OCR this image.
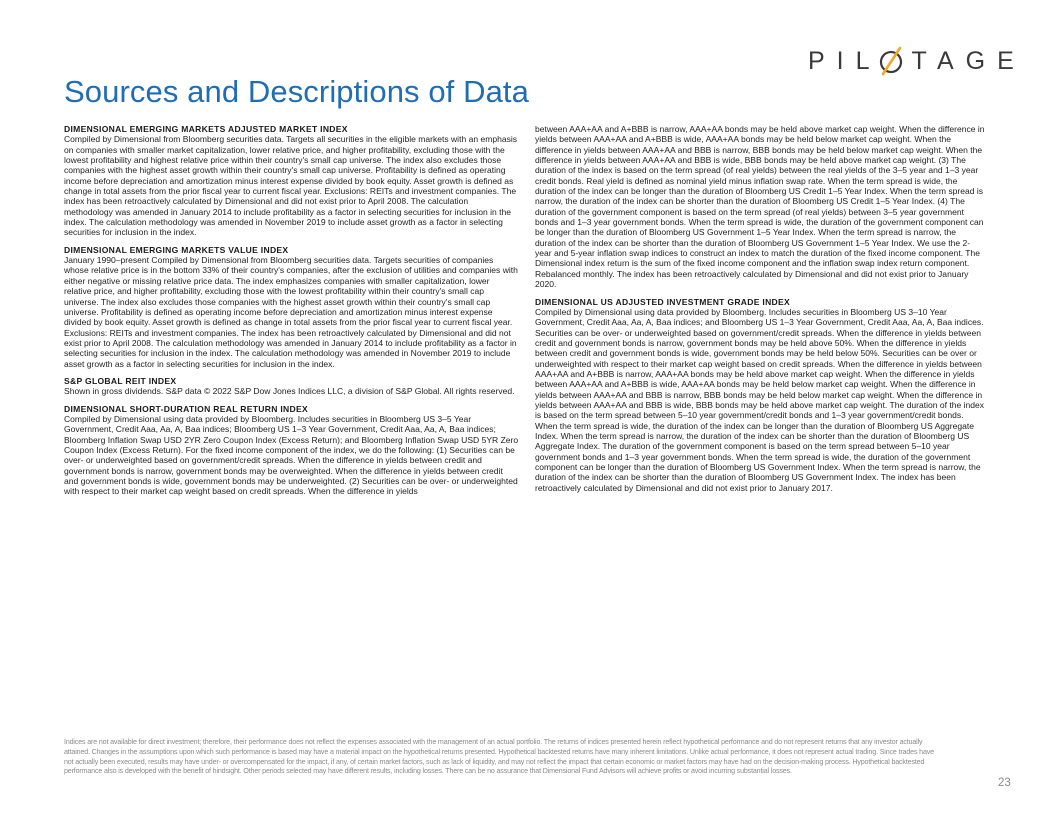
PIL TAGE
Sources and Descriptions of Data
DIMENSIONAL EMERGING MARKETS ADJUSTED MARKET INDEX

Compiled by Dimensional from Bloomberg securities data. Targets all securities in the eligible markets with an emphasis on companies with smaller market capitalization, lower relative price, and higher profitability, excluding those with the lowest profitability and highest relative price within their country's small cap universe. The index also excludes those companies with the highest asset growth within their country's small cap universe. Profitability is defined as operating income before depreciation and amortization minus interest expense divided by book equity. Asset growth is defined as change in total assets from the prior fiscal year to current fiscal year. Exclusions: REITs and investment companies. The index has been retroactively calculated by Dimensional and did not exist prior to April 2008. The calculation methodology was amended in January 2014 to include profitability as a factor in selecting securities for inclusion in the index. The calculation methodology was amended in November 2019 to include asset growth as a factor in selecting securities for inclusion in the index.

DIMENSIONAL EMERGING MARKETS VALUE INDEX

January 1990–present Compiled by Dimensional from Bloomberg securities data. Targets securities of companies whose relative price is in the bottom 33% of their country's companies, after the exclusion of utilities and companies with either negative or missing relative price data. The index emphasizes companies with smaller capitalization, lower relative price, and higher profitability, excluding those with the lowest profitability within their country's small cap universe. The index also excludes those companies with the highest asset growth within their country's small cap universe. Profitability is defined as operating income before depreciation and amortization minus interest expense divided by book equity. Asset growth is defined as change in total assets from the prior fiscal year to current fiscal year. Exclusions: REITs and investment companies. The index has been retroactively calculated by Dimensional and did not exist prior to April 2008. The calculation methodology was amended in January 2014 to include profitability as a factor in selecting securities for inclusion in the index. The calculation methodology was amended in November 2019 to include asset growth as a factor in selecting securities for inclusion in the index.

S&P GLOBAL REIT INDEX

Shown in gross dividends. S&P data © 2022 S&P Dow Jones Indices LLC, a division of S&P Global. All rights reserved.

DIMENSIONAL SHORT-DURATION REAL RETURN INDEX

Compiled by Dimensional using data provided by Bloomberg. Includes securities in Bloomberg US 3–5 Year Government, Credit Aaa, Aa, A, Baa indices; Bloomberg US 1–3 Year Government, Credit Aaa, Aa, A, Baa indices; Bloomberg Inflation Swap USD 2YR Zero Coupon Index (Excess Return); and Bloomberg Inflation Swap USD 5YR Zero Coupon Index (Excess Return). For the fixed income component of the index, we do the following: (1) Securities can be over- or underweighted based on government/credit spreads. When the difference in yields between credit and government bonds is narrow, government bonds may be overweighted. When the difference in yields between credit and government bonds is wide, government bonds may be underweighted. (2) Securities can be over- or underweighted with respect to their market cap weight based on credit spreads. When the difference in yields

between AAA+AA and A+BBB is narrow, AAA+AA bonds may be held above market cap weight. When the difference in yields between AAA+AA and A+BBB is wide, AAA+AA bonds may be held below market cap weight. When the difference in yields between AAA+AA and BBB is narrow, BBB bonds may be held below market cap weight. When the difference in yields between AAA+AA and BBB is wide, BBB bonds may be held above market cap weight. (3) The duration of the index is based on the term spread (of real yields) between the real yields of the 3–5 year and 1–3 year credit bonds. Real yield is defined as nominal yield minus inflation swap rate. When the term spread is wide, the duration of the index can be longer than the duration of Bloomberg US Credit 1–5 Year Index. When the term spread is narrow, the duration of the index can be shorter than the duration of Bloomberg US Credit 1–5 Year Index. (4) The duration of the government component is based on the term spread (of real yields) between 3–5 year government bonds and 1–3 year government bonds. When the term spread is wide, the duration of the government component can be longer than the duration of Bloomberg US Government 1–5 Year Index. When the term spread is narrow, the duration of the index can be shorter than the duration of Bloomberg US Government 1–5 Year Index. We use the 2-year and 5-year inflation swap indices to construct an index to match the duration of the fixed income component. The Dimensional index return is the sum of the fixed income component and the inflation swap index return component. Rebalanced monthly. The index has been retroactively calculated by Dimensional and did not exist prior to January 2020.

DIMENSIONAL US ADJUSTED INVESTMENT GRADE INDEX

Compiled by Dimensional using data provided by Bloomberg. Includes securities in Bloomberg US 3–10 Year Government, Credit Aaa, Aa, A, Baa indices; and Bloomberg US 1–3 Year Government, Credit Aaa, Aa, A, Baa indices. Securities can be over- or underweighted based on government/credit spreads. When the difference in yields between credit and government bonds is narrow, government bonds may be held above 50%. When the difference in yields between credit and government bonds is wide, government bonds may be held below 50%. Securities can be over or underweighted with respect to their market cap weight based on credit spreads. When the difference in yields between AAA+AA and A+BBB is narrow, AAA+AA bonds may be held above market cap weight. When the difference in yields between AAA+AA and A+BBB is wide, AAA+AA bonds may be held below market cap weight. When the difference in yields between AAA+AA and BBB is narrow, BBB bonds may be held below market cap weight. When the difference in yields between AAA+AA and BBB is wide, BBB bonds may be held above market cap weight. The duration of the index is based on the term spread between 5–10 year government/credit bonds and 1–3 year government/credit bonds. When the term spread is wide, the duration of the index can be longer than the duration of Bloomberg US Aggregate Index. When the term spread is narrow, the duration of the index can be shorter than the duration of Bloomberg US Aggregate Index. The duration of the government component is based on the term spread between 5–10 year government bonds and 1–3 year government bonds. When the term spread is wide, the duration of the government component can be longer than the duration of Bloomberg US Government Index. When the term spread is narrow, the duration of the index can be shorter than the duration of Bloomberg US Government Index. The index has been retroactively calculated by Dimensional and did not exist prior to January 2017.

Indices are not available for direct investment; therefore, their performance does not reflect the expenses associated with the management of an actual portfolio. The returns of indices presented herein reflect hypothetical performance and do not represent returns that any investor actually attained. Changes in the assumptions upon which such performance is based may have a material impact on the hypothetical returns presented. Hypothetical backtested returns have many inherent limitations. Unlike actual performance, it does not represent actual trading. Since trades have not actually been executed, results may have under- or overcompensated for the impact, if any, of certain market factors, such as lack of liquidity, and may not reflect the impact that certain economic or market factors may have had on the decision-making process. Hypothetical backtested performance also is developed with the benefit of hindsight. Other periods selected may have different results, including losses. There can be no assurance that Dimensional Fund Advisors will achieve profits or avoid incurring substantial losses.

23
